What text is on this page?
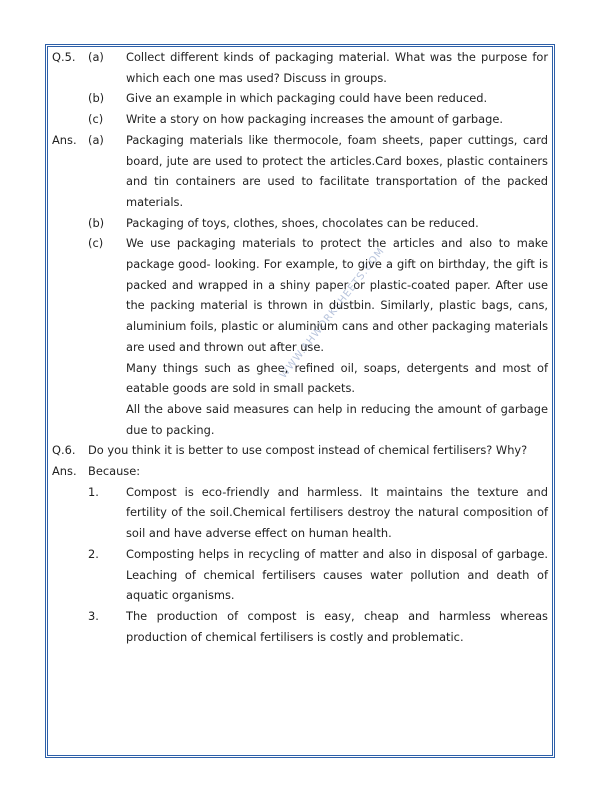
WWW.AHWORKSHEETS.COM
Q.5.	(a)	Collect different kinds of packaging material. What was the purpose for which each one mas used? Discuss in groups.
(b)	Give an example in which packaging could have been reduced.
(c)	Write a story on how packaging increases the amount of garbage.
Ans.	(a)	Packaging materials like thermocole, foam sheets, paper cuttings, card board, jute are used to protect the articles.Card boxes, plastic containers and tin containers are used to facilitate transportation of the packed materials.
(b)	Packaging of toys, clothes, shoes, chocolates can be reduced.
(c)	We use packaging materials to protect the articles and also to make package good- looking. For example, to give a gift on birthday, the gift is packed and wrapped in a shiny paper or plastic-coated paper. After use the packing material is thrown in dustbin. Similarly, plastic bags, cans, aluminium foils, plastic or aluminium cans and other packaging materials are used and thrown out after use.
Many things such as ghee, refined oil, soaps, detergents and most of eatable goods are sold in small packets.
All the above said measures can help in reducing the amount of garbage due to packing.
Q.6.	Do you think it is better to use compost instead of chemical fertilisers? Why?
Ans.	Because:
1.	Compost is eco-friendly and harmless. It maintains the texture and fertility of the soil.Chemical fertilisers destroy the natural composition of soil and have adverse effect on human health.
2.	Composting helps in recycling of matter and also in disposal of garbage. Leaching of chemical fertilisers causes water pollution and death of aquatic organisms.
3.	The production of compost is easy, cheap and harmless whereas production of chemical fertilisers is costly and problematic.
